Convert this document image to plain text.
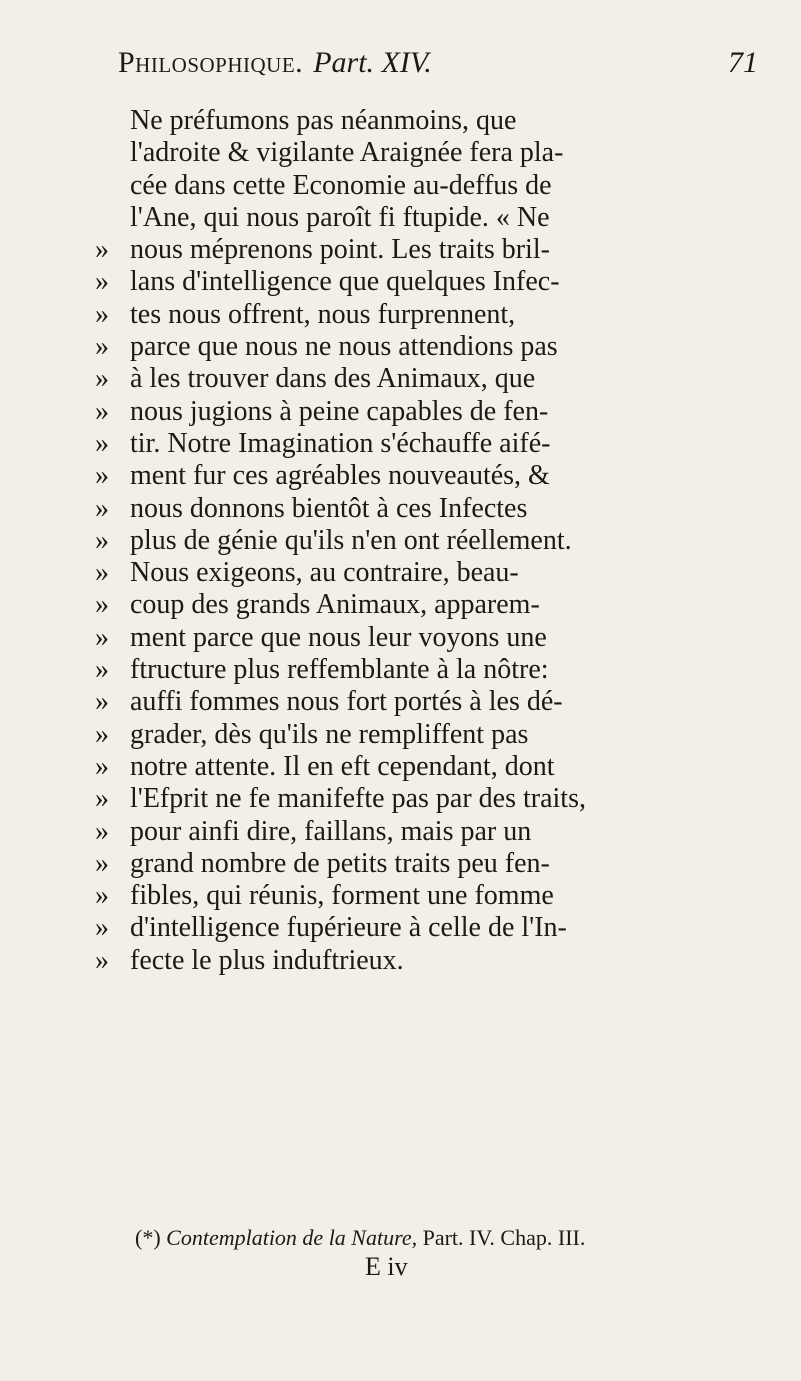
Philosophique. Part. XIV.	71
Ne préfumons pas néanmoins, que
l'adroite & vigilante Araignée fera pla-
cée dans cette Economie au-deffus de
l'Ane, qui nous paroît fi ftupide. « Ne
» nous méprenons point. Les traits bril-
» lans d'intelligence que quelques Infec-
» tes nous offrent, nous furprennent,
» parce que nous ne nous attendions pas
» à les trouver dans des Animaux, que
» nous jugions à peine capables de fen-
» tir. Notre Imagination s'échauffe aifé-
» ment fur ces agréables nouveautés, &
» nous donnons bientôt à ces Infectes
» plus de génie qu'ils n'en ont réellement.
» Nous exigeons, au contraire, beau-
» coup des grands Animaux, apparem-
» ment parce que nous leur voyons une
» ftructure plus reffemblante à la nôtre:
» auffi fommes nous fort portés à les dé-
» grader, dès qu'ils ne rempliffent pas
» notre attente. Il en eft cependant, dont
» l'Efprit ne fe manifefte pas par des traits,
» pour ainfi dire, faillans, mais par un
» grand nombre de petits traits peu fen-
» fibles, qui réunis, forment une fomme
» d'intelligence fupérieure à celle de l'In-
» fecte le plus induftrieux.
(*) Contemplation de la Nature, Part. IV. Chap. III.
E iv
